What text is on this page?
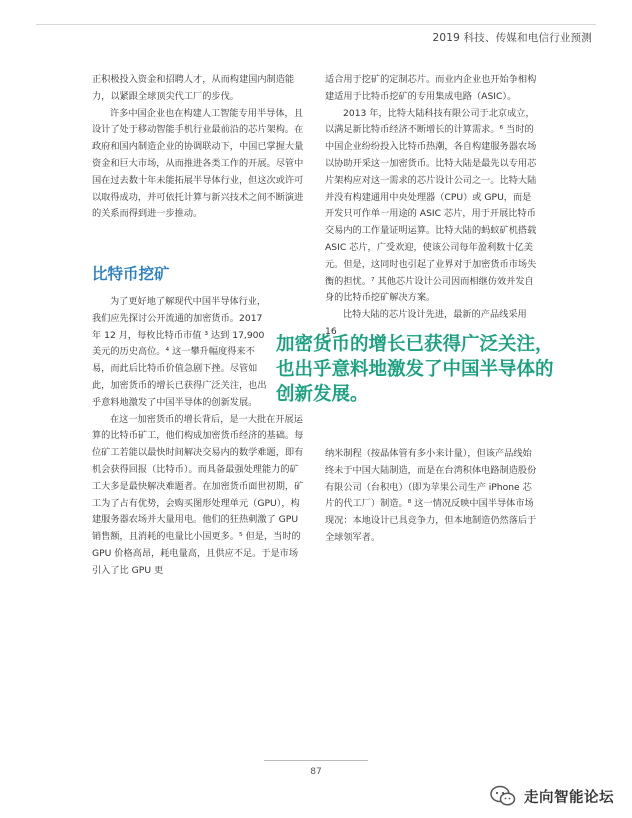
2019 科技、传媒和电信行业预测

正积极投入资金和招聘人才，从而构建国内制造能力，以紧跟全球顶尖代工厂的步伐。

许多中国企业也在构建人工智能专用半导体，且设计了处于移动智能手机行业最前沿的芯片架构。在政府和国内制造企业的协调联动下，中国已掌握大量资金和巨大市场，从而推进各类工作的开展。尽管中国在过去数十年未能拓展半导体行业，但这次或许可以取得成功，并可依托计算与新兴技术之间不断演进的关系而得到进一步推动。

比特币挖矿

为了更好地了解现代中国半导体行业，我们应先探讨公开流通的加密货币。2017 年 12 月，每枚比特币市值 ³ 达到 17,900 美元的历史高位。⁴ 这一攀升幅度得来不易，而此后比特币价值急剧下挫。尽管如此，加密货币的增长已获得广泛关注，也出乎意料地激发了中国半导体的创新发展。

在这一加密货币的增长背后，是一大批在开展运算的比特币矿工，他们构成加密货币经济的基础。每位矿工若能以最快时间解决交易内的数学难题，即有机会获得回报（比特币）。而具备最强处理能力的矿工大多是最快解决难题者。在加密货币面世初期，矿工为了占有优势，会购买图形处理单元（GPU），构建服务器农场并大量用电。他们的狂热刺激了 GPU 销售额，且消耗的电量比小国更多。⁵ 但是，当时的 GPU 价格高昂，耗电量高，且供应不足。于是市场引入了比 GPU 更

适合用于挖矿的定制芯片。而业内企业也开始争相构建适用于比特币挖矿的专用集成电路（ASIC）。

2013 年，比特大陆科技有限公司于北京成立，以满足新比特币经济不断增长的计算需求。⁶ 当时的中国企业纷纷投入比特币热潮，各自构建服务器农场以协助开采这一加密货币。比特大陆是最先以专用芯片架构应对这一需求的芯片设计公司之一。比特大陆并没有构建通用中央处理器（CPU）或 GPU，而是开发只可作单一用途的 ASIC 芯片，用于开展比特币交易内的工作量证明运算。比特大陆的蚂蚁矿机搭载 ASIC 芯片，广受欢迎，使该公司每年盈利数十亿美元。但是，这同时也引起了业界对于加密货币市场失衡的担忧。⁷ 其他芯片设计公司因而相继仿效并发自身的比特币挖矿解决方案。

比特大陆的芯片设计先进，最新的产品线采用 16

加密货币的增长已获得广泛关注，也出乎意料地激发了中国半导体的创新发展。

纳米制程（按晶体管有多小来计量），但该产品线始终未于中国大陆制造，而是在台湾积体电路制造股份有限公司（台积电）（即为苹果公司生产 iPhone 芯片的代工厂）制造。⁸ 这一情况反映中国半导体市场现况：本地设计已具竞争力，但本地制造仍然落后于全球领军者。

87
走向智能论坛
